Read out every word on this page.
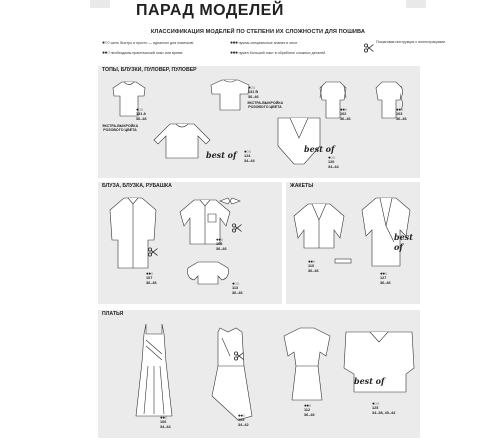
ПАРАД МОДЕЛЕЙ
КЛАССИФИКАЦИЯ МОДЕЛЕЙ ПО СТЕПЕНИ ИХ СЛОЖНОСТИ ДЛЯ ПОШИВА
●○○шить быстро и просто — идеально для новичков!
●●○необходимы практический опыт или время
●●●нужны специальные знания и опыт
●●●нужен большой опыт в обработке сложных деталей
Пошаговая инструкция с иллюстрациями
ТОПЫ, БЛУЗКИ, ПУЛОВЕР, ПУЛОВЕР
●○○
131 A
36–46
ЭКСТРА-ВЫКРОЙКА РОЗОВОГО ЦВЕТА
●○○
131 B
36–46
ЭКСТРА-ВЫКРОЙКА РОЗОВОГО ЦВЕТА
best of ●○○
124
34–44
best of
●○○
126
34–44
●●○
102
36–46
●●○
103
36–46
БЛУЗА, БЛУЗКА, РУБАШКА
●●○
107
36–46
●●○
108
36–46
●○○
113
36–46
ЖАКЕТЫ
●●○
110
36–46
best of
●●○
127
36–46
ПЛАТЬЯ
●●○
106
34–44
●●○
109
34–42
●●○
112
36–46
best of
●○○
125
34–38, 40–44
